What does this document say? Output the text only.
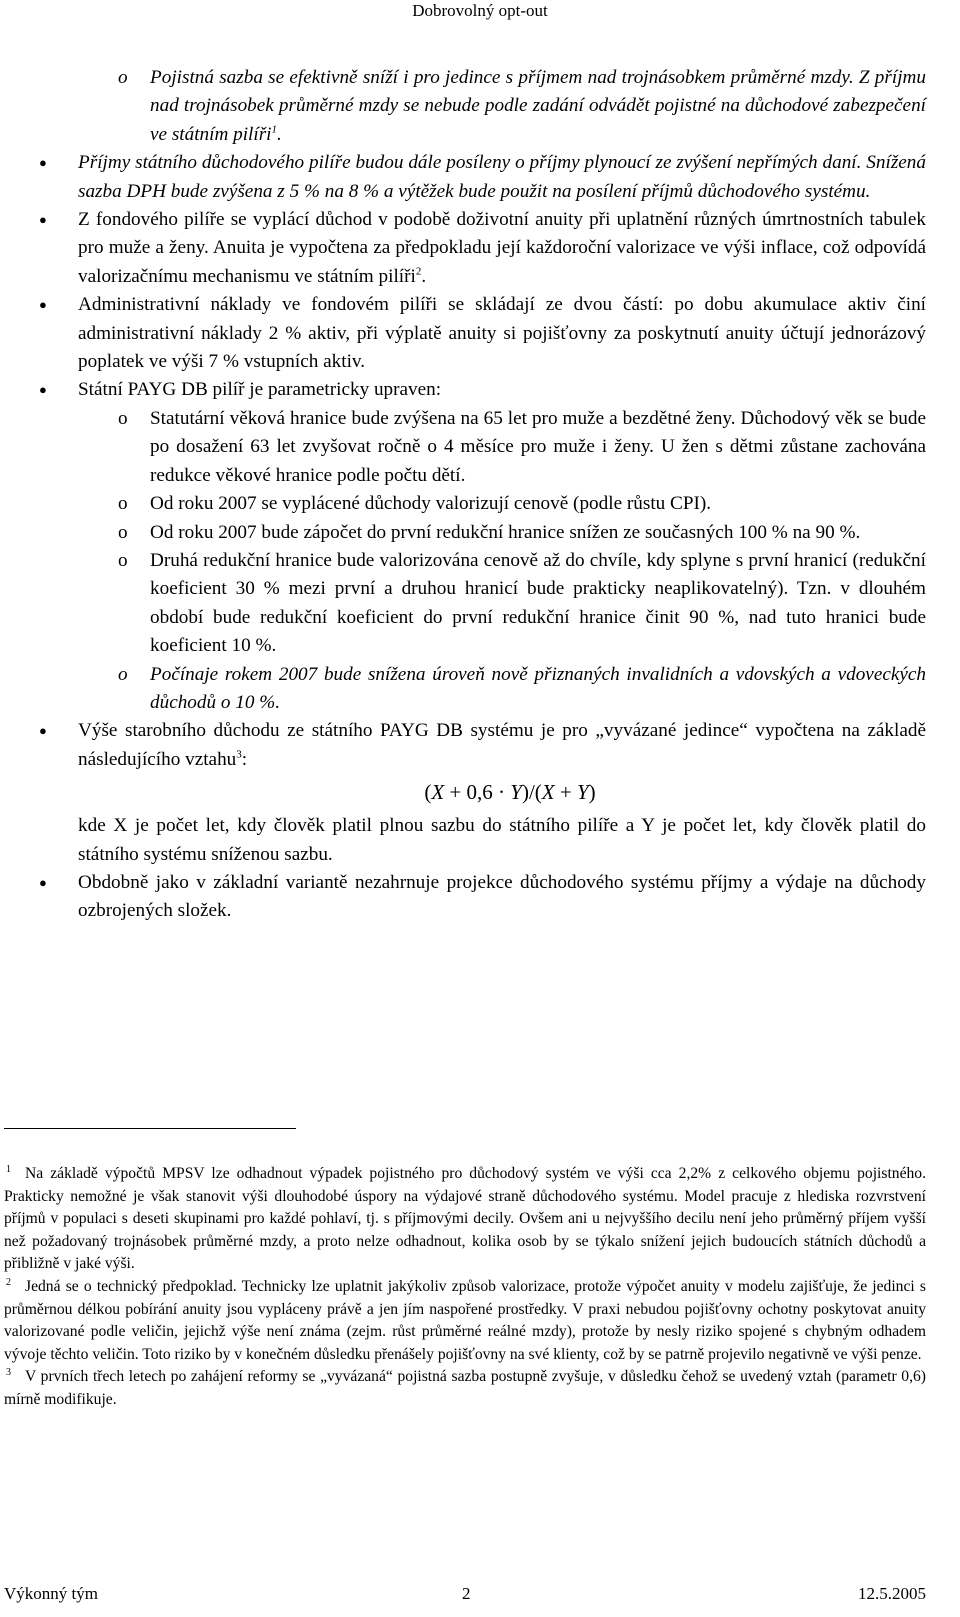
Dobrovolný opt-out
o Pojistná sazba se efektivně sníží i pro jedince s příjmem nad trojnásobkem průměrné mzdy. Z příjmu nad trojnásobek průměrné mzdy se nebude podle zadání odvádět pojistné na důchodové zabezpečení ve státním pilíři$^1$.
● Příjmy státního důchodového pilíře budou dále posíleny o příjmy plynoucí ze zvýšení nepřímých daní. Snížená sazba DPH bude zvýšena z 5 % na 8 % a výtěžek bude použit na posílení příjmů důchodového systému.
● Z fondového pilíře se vyplácí důchod v podobě doživotní anuity při uplatnění různých úmrtnostních tabulek pro muže a ženy. Anuita je vypočtena za předpokladu její každoroční valorizace ve výši inflace, což odpovídá valorizačnímu mechanismu ve státním pilíři$^2$.
● Administrativní náklady ve fondovém pilíři se skládají ze dvou částí: po dobu akumulace aktiv činí administrativní náklady 2 % aktiv, při výplatě anuity si pojišťovny za poskytnutí anuity účtují jednorázový poplatek ve výši 7 % vstupních aktiv.
● Státní PAYG DB pilíř je parametricky upraven:
o Statutární věková hranice bude zvýšena na 65 let pro muže a bezdětné ženy. Důchodový věk se bude po dosažení 63 let zvyšovat ročně o 4 měsíce pro muže i ženy. U žen s dětmi zůstane zachována redukce věkové hranice podle počtu dětí.
o Od roku 2007 se vyplácené důchody valorizují cenově (podle růstu CPI).
o Od roku 2007 bude zápočet do první redukční hranice snížen ze současných 100 % na 90 %.
o Druhá redukční hranice bude valorizována cenově až do chvíle, kdy splyne s první hranicí (redukční koeficient 30 % mezi první a druhou hranicí bude prakticky neaplikovatelný). Tzn. v dlouhém období bude redukční koeficient do první redukční hranice činit 90 %, nad tuto hranici bude koeficient 10 %.
o Počínaje rokem 2007 bude snížena úroveň nově přiznaných invalidních a vdovských a vdoveckých důchodů o 10 %.
● Výše starobního důchodu ze státního PAYG DB systému je pro „vyvázané jedince“ vypočtena na základě následujícího vztahu$^3$:
(X + 0,6 · Y)/(X + Y)
kde X je počet let, kdy člověk platil plnou sazbu do státního pilíře a Y je počet let, kdy člověk platil do státního systému sníženou sazbu.
● Obdobně jako v základní variantě nezahrnuje projekce důchodového systému příjmy a výdaje na důchody ozbrojených složek.
$^1$ Na základě výpočtů MPSV lze odhadnout výpadek pojistného pro důchodový systém ve výši cca 2,2% z celkového objemu pojistného. Prakticky nemožné je však stanovit výši dlouhodobé úspory na výdajové straně důchodového systému. Model pracuje z hlediska rozvrstvení příjmů v populaci s deseti skupinami pro každé pohlaví, tj. s příjmovými decily. Ovšem ani u nejvyššího decilu není jeho průměrný příjem vyšší než požadovaný trojnásobek průměrné mzdy, a proto nelze odhadnout, kolika osob by se týkalo snížení jejich budoucích státních důchodů a přibližně v jaké výši.
$^2$ Jedná se o technický předpoklad. Technicky lze uplatnit jakýkoliv způsob valorizace, protože výpočet anuity v modelu zajišťuje, že jedinci s průměrnou délkou pobírání anuity jsou vypláceny právě a jen jím naspořené prostředky. V praxi nebudou pojišťovny ochotny poskytovat anuity valorizované podle veličin, jejichž výše není známa (zejm. růst průměrné reálné mzdy), protože by nesly riziko spojené s chybným odhadem vývoje těchto veličin. Toto riziko by v konečném důsledku přenášely pojišťovny na své klienty, což by se patrně projevilo negativně ve výši penze.
$^3$ V prvních třech letech po zahájení reformy se „vyvázaná“ pojistná sazba postupně zvyšuje, v důsledku čehož se uvedený vztah (parametr 0,6) mírně modifikuje.
Výkonný tým	2	12.5.2005
